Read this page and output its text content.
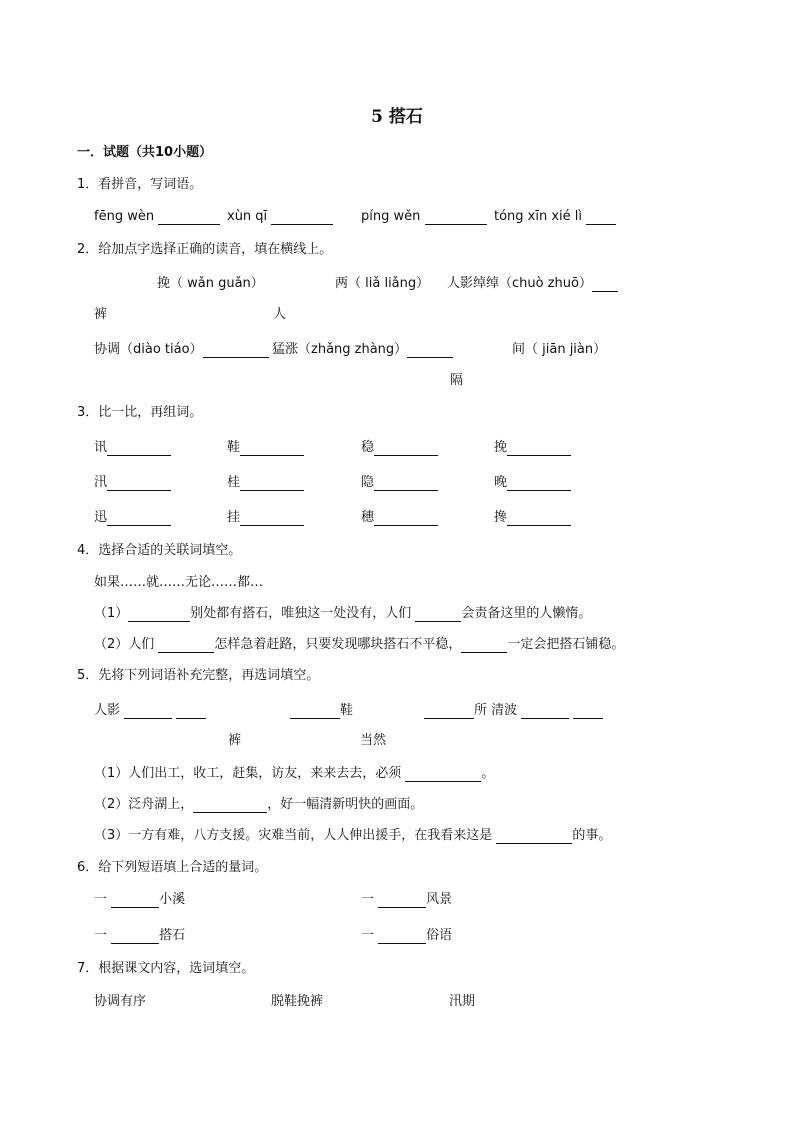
5 搭石
一．试题（共10小题）
1．看拼音，写词语。
fēng wèn	xùn qī	píng wěn	tóng xīn xié lì
2．给加点字选择正确的读音，填在横线上。
挽（ wǎn guǎn）
裤
两（ liǎ liǎng）
人
人影绰绰（chuò zhuō）
协调（diào tiáo）	猛涨（zhǎng zhàng）	间（ jiān jiàn）
隔
3．比一比，再组词。
讯	鞋	稳	挽
汛	桂	隐	晚
迅	挂	穗	搀
4．选择合适的关联词填空。
如果……就……无论……都…
（1）	别处都有搭石，唯独这一处没有，人们	会责备这里的人懒惰。
（2）人们	怎样急着赶路，只要发现哪块搭石不平稳，	一定会把搭石铺稳。
5．先将下列词语补充完整，再选词填空。
人影
裤
鞋
当然
所 清波
（1）人们出工，收工，赶集，访友，来来去去，必须	。
（2）泛舟湖上，	，好一幅清新明快的画面。
（3）一方有难，八方支援。灾难当前，人人伸出援手，在我看来这是	的事。
6．给下列短语填上合适的量词。
一	小溪	一	风景
一	搭石	一	俗语
7．根据课文内容，选词填空。
协调有序	脱鞋挽裤	汛期
